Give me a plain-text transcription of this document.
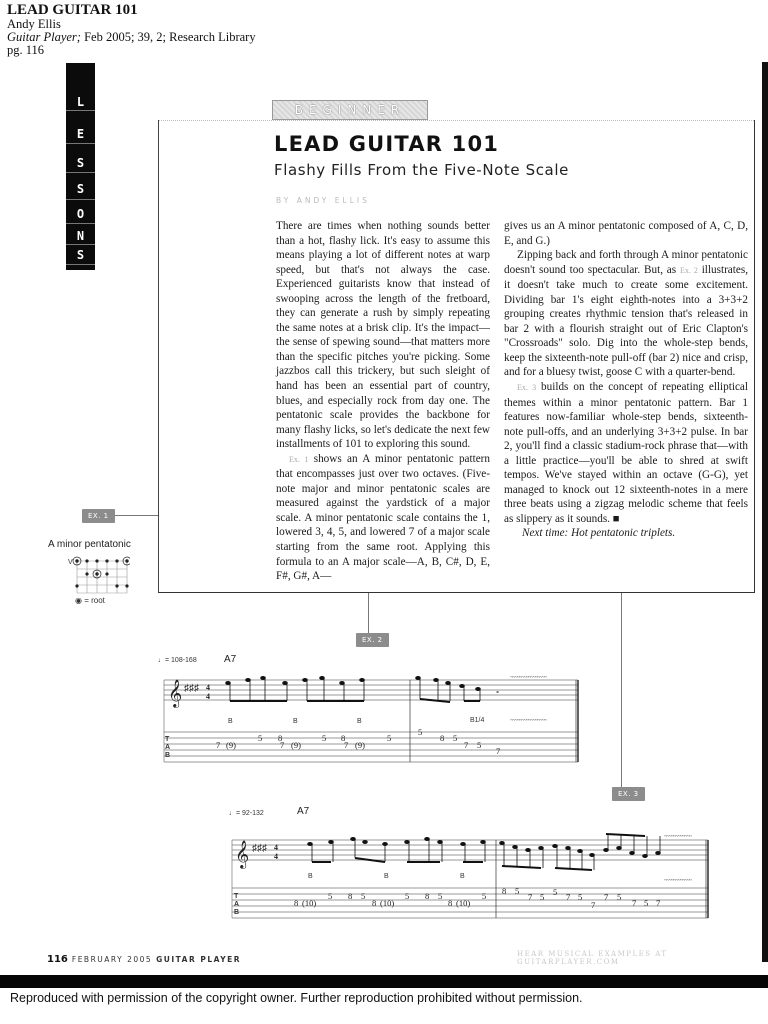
LEAD GUITAR 101
Andy Ellis
Guitar Player; Feb 2005; 39, 2; Research Library
pg. 116
L
E
S
S
O
N
S
BEGINNER
LEAD GUITAR 101
Flashy Fills From the Five-Note Scale
BY ANDY ELLIS

There are times when nothing sounds better than a hot, flashy lick. It's easy to assume this means playing a lot of different notes at warp speed, but that's not always the case. Experienced guitarists know that instead of swooping across the length of the fretboard, they can generate a rush by simply repeating the same notes at a brisk clip. It's the impact—the sense of spewing sound—that matters more than the specific pitches you're picking. Some jazzbos call this trickery, but such sleight of hand has been an essential part of country, blues, and especially rock from day one. The pentatonic scale provides the backbone for many flashy licks, so let's dedicate the next few installments of 101 to exploring this sound.

Ex. 1 shows an A minor pentatonic pattern that encompasses just over two octaves. (Five-note major and minor pentatonic scales are measured against the yardstick of a major scale. A minor pentatonic scale contains the 1, lowered 3, 4, 5, and lowered 7 of a major scale starting from the same root. Applying this formula to an A major scale—A, B, C#, D, E, F#, G#, A—

gives us an A minor pentatonic composed of A, C, D, E, and G.)

Zipping back and forth through A minor pentatonic doesn't sound too spectacular. But, as Ex. 2 illustrates, it doesn't take much to create some excitement. Dividing bar 1's eight eighth-notes into a 3+3+2 grouping creates rhythmic tension that's released in bar 2 with a flourish straight out of Eric Clapton's "Crossroads" solo. Dig into the whole-step bends, keep the sixteenth-note pull-off (bar 2) nice and crisp, and for a bluesy twist, goose C with a quarter-bend.

Ex. 3 builds on the concept of repeating elliptical themes within a minor pentatonic pattern. Bar 1 features now-familiar whole-step bends, sixteenth-note pull-offs, and an underlying 3+3+2 pulse. In bar 2, you'll find a classic stadium-rock phrase that—with a little practice—you'll be able to shred at swift tempos. We've stayed within an octave (G-G), yet managed to knock out 12 sixteenth-notes in a mere three beats using a zigzag melodic scheme that feels as slippery as it sounds. ■

Next time: Hot pentatonic triplets.

EX. 1
A minor pentatonic
V
◉ = root
EX. 2
♩= 108-168	A7
𝄞 ♯♯♯ 4
4
𝅗
~~~~~~~~~~~~~~~~
~~~~~~~~~~~~~~~~
B	B	B	B1/4
7 (9)
5 8
7 (9)
5 8
7 (9)
5
5
8 5
7 5
7
T
A
B
EX. 3
♩= 92-132	A7
𝄞 ♯♯♯ 4
4
~~~~~~~~~~~~
~~~~~~~~~~~~
B	B	B
8 (10)
5 8 5
8 (10)
5 8 5
8 (10)
5 8 5
7 5 5 7 5
7
7 5
7 5 7
T
A
B
116 FEBRUARY 2005 GUITAR PLAYER
HEAR MUSICAL EXAMPLES AT GUITARPLAYER.COM
Reproduced with permission of the copyright owner. Further reproduction prohibited without permission.
